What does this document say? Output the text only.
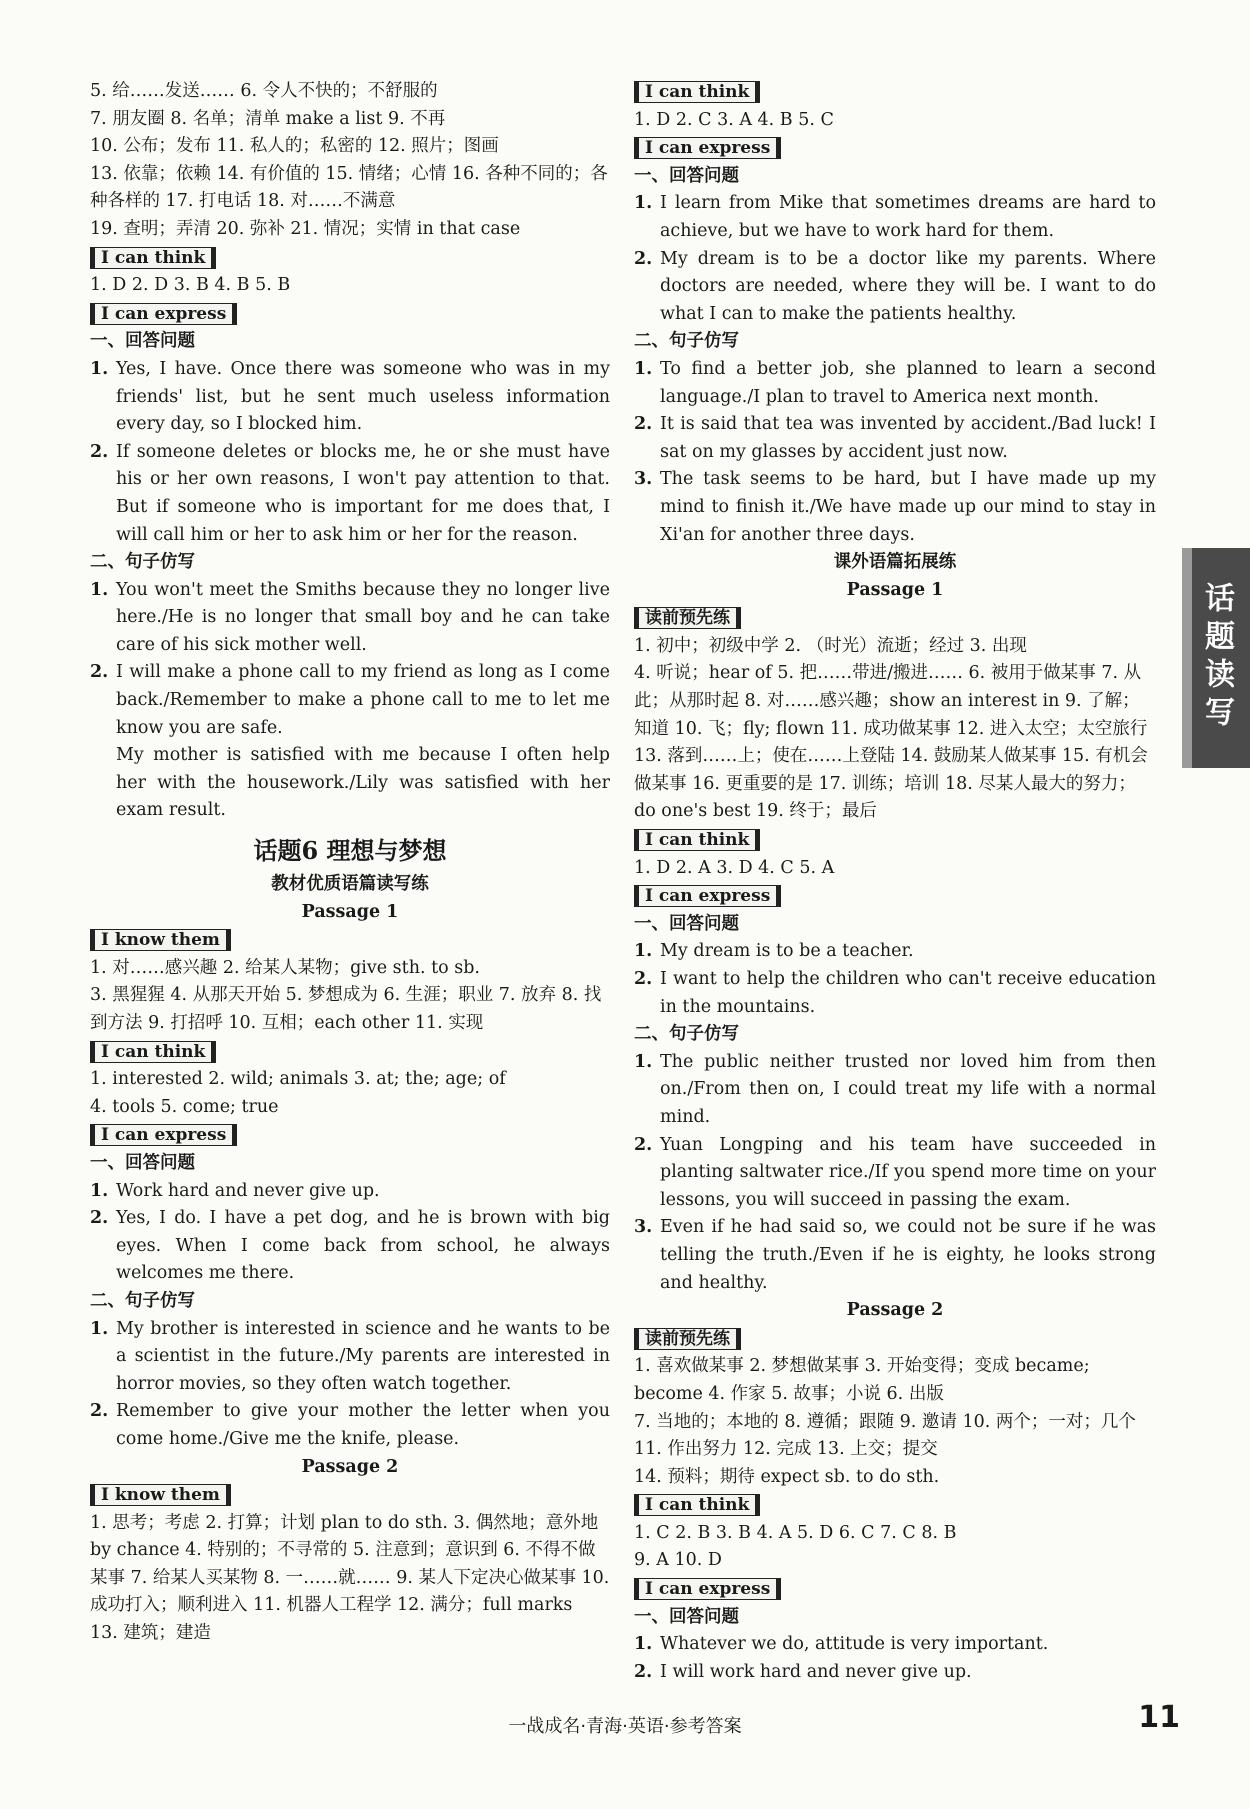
5. 给……发送…… 6. 令人不快的；不舒服的
7. 朋友圈 8. 名单；清单 make a list 9. 不再
10. 公布；发布 11. 私人的；私密的 12. 照片；图画
13. 依靠；依赖 14. 有价值的 15. 情绪；心情 16. 各种不同的；各种各样的 17. 打电话 18. 对……不满意
19. 查明；弄清 20. 弥补 21. 情况；实情 in that case
I can think
1. D 2. D 3. B 4. B 5. B
I can express
一、回答问题
1. Yes, I have. Once there was someone who was in my friends' list, but he sent much useless information every day, so I blocked him.
2. If someone deletes or blocks me, he or she must have his or her own reasons, I won't pay attention to that. But if someone who is important for me does that, I will call him or her to ask him or her for the reason.
二、句子仿写
1. You won't meet the Smiths because they no longer live here./He is no longer that small boy and he can take care of his sick mother well.
2. I will make a phone call to my friend as long as I come back./Remember to make a phone call to me to let me know you are safe.
My mother is satisfied with me because I often help her with the housework./Lily was satisfied with her exam result.
话题6 理想与梦想
教材优质语篇读写练
Passage 1
I know them
1. 对……感兴趣 2. 给某人某物；give sth. to sb.
3. 黑猩猩 4. 从那天开始 5. 梦想成为 6. 生涯；职业 7. 放弃 8. 找到方法 9. 打招呼 10. 互相；each other 11. 实现
I can think
1. interested 2. wild; animals 3. at; the; age; of
4. tools 5. come; true
I can express
一、回答问题
1. Work hard and never give up.
2. Yes, I do. I have a pet dog, and he is brown with big eyes. When I come back from school, he always welcomes me there.
二、句子仿写
1. My brother is interested in science and he wants to be a scientist in the future./My parents are interested in horror movies, so they often watch together.
2. Remember to give your mother the letter when you come home./Give me the knife, please.
Passage 2
I know them
1. 思考；考虑 2. 打算；计划 plan to do sth. 3. 偶然地；意外地 by chance 4. 特别的；不寻常的 5. 注意到；意识到 6. 不得不做某事 7. 给某人买某物 8. 一……就…… 9. 某人下定决心做某事 10. 成功打入；顺利进入 11. 机器人工程学 12. 满分；full marks
13. 建筑；建造
I can think
1. D 2. C 3. A 4. B 5. C
I can express
一、回答问题
1. I learn from Mike that sometimes dreams are hard to achieve, but we have to work hard for them.
2. My dream is to be a doctor like my parents. Where doctors are needed, where they will be. I want to do what I can to make the patients healthy.
二、句子仿写
1. To find a better job, she planned to learn a second language./I plan to travel to America next month.
2. It is said that tea was invented by accident./Bad luck! I sat on my glasses by accident just now.
3. The task seems to be hard, but I have made up my mind to finish it./We have made up our mind to stay in Xi'an for another three days.
课外语篇拓展练
Passage 1
读前预先练
1. 初中；初级中学 2. （时光）流逝；经过 3. 出现
4. 听说；hear of 5. 把……带进/搬进…… 6. 被用于做某事 7. 从此；从那时起 8. 对……感兴趣；show an interest in 9. 了解；知道 10. 飞；fly; flown 11. 成功做某事 12. 进入太空；太空旅行 13. 落到……上；使在……上登陆 14. 鼓励某人做某事 15. 有机会做某事 16. 更重要的是 17. 训练；培训 18. 尽某人最大的努力；do one's best 19. 终于；最后
I can think
1. D 2. A 3. D 4. C 5. A
I can express
一、回答问题
1. My dream is to be a teacher.
2. I want to help the children who can't receive education in the mountains.
二、句子仿写
1. The public neither trusted nor loved him from then on./From then on, I could treat my life with a normal mind.
2. Yuan Longping and his team have succeeded in planting saltwater rice./If you spend more time on your lessons, you will succeed in passing the exam.
3. Even if he had said so, we could not be sure if he was telling the truth./Even if he is eighty, he looks strong and healthy.
Passage 2
读前预先练
1. 喜欢做某事 2. 梦想做某事 3. 开始变得；变成 became; become 4. 作家 5. 故事；小说 6. 出版
7. 当地的；本地的 8. 遵循；跟随 9. 邀请 10. 两个；一对；几个 11. 作出努力 12. 完成 13. 上交；提交
14. 预料；期待 expect sb. to do sth.
I can think
1. C 2. B 3. B 4. A 5. D 6. C 7. C 8. B
9. A 10. D
I can express
一、回答问题
1. Whatever we do, attitude is very important.
2. I will work hard and never give up.
话题读写
一战成名·青海·英语·参考答案	11
